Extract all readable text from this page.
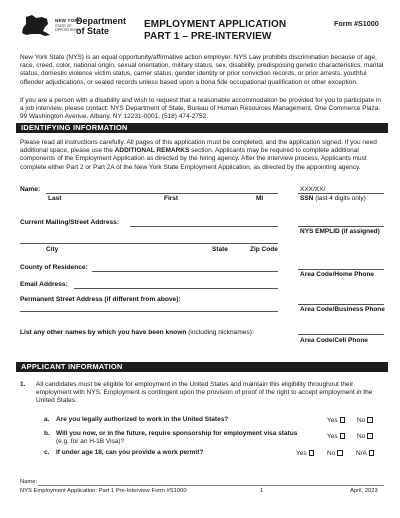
NEW YORK
STATE OF OPPORTUNITY
Department
of State
EMPLOYMENT APPLICATION
PART 1 – PRE-INTERVIEW
Form #S1000
New York State (NYS) is an equal opportunity/affirmative action employer. NYS Law prohibits discrimination because of age, race, creed, color, national origin, sexual orientation, military status, sex, disability, predisposing genetic characteristics, marital status, domestic violence victim status, carrier status, gender identity or prior conviction records, or prior arrests, youthful offender adjudications, or sealed records unless based upon a bona fide occupational qualification or other exception.
If you are a person with a disability and wish to request that a reasonable accommodation be provided for you to participate in a job interview, please contact: NYS Department of State, Bureau of Human Resources Management, One Commerce Plaza, 99 Washington Avenue, Albany, NY 12231-0001, (518) 474-2752.
IDENTIFYING INFORMATION
Please read all instructions carefully. All pages of this application must be completed, and the application signed. If you need additional space, please use the ADDITIONAL REMARKS section. Applicants may be required to complete additional components of the Employment Application as directed by the hiring agency. After the interview process, Applicants must complete either Part 2 or Part 2A of the New York State Employment Application, as directed by the appointing agency.
Name:
Last	First	MI
XXX/XX/
SSN (last 4 digits only)
Current Mailing/Street Address:
NYS EMPLID (if assigned)
City	State	Zip Code
County of Residence:
Area Code/Home Phone
Email Address:
Permanent Street Address (if different from above):
Area Code/Business Phone
List any other names by which you have been known (including nicknames):
Area Code/Cell Phone
APPLICANT INFORMATION
1. All candidates must be eligible for employment in the United States and maintain this eligibility throughout their employment with NYS. Employment is contingent upon the provision of proof of the right to accept employment in the United States.
a. Are you legally authorized to work in the United States?	Yes	No
b. Will you now, or in the future, require sponsorship for employment visa status
(e.g. for an H-1B Visa)?
Yes	No
c. If under age 18, can you provide a work permit?	Yes	No	N/A
Name:
NYS Employment Application: Part 1 Pre-Interview Form #S1000	1	April, 2023
